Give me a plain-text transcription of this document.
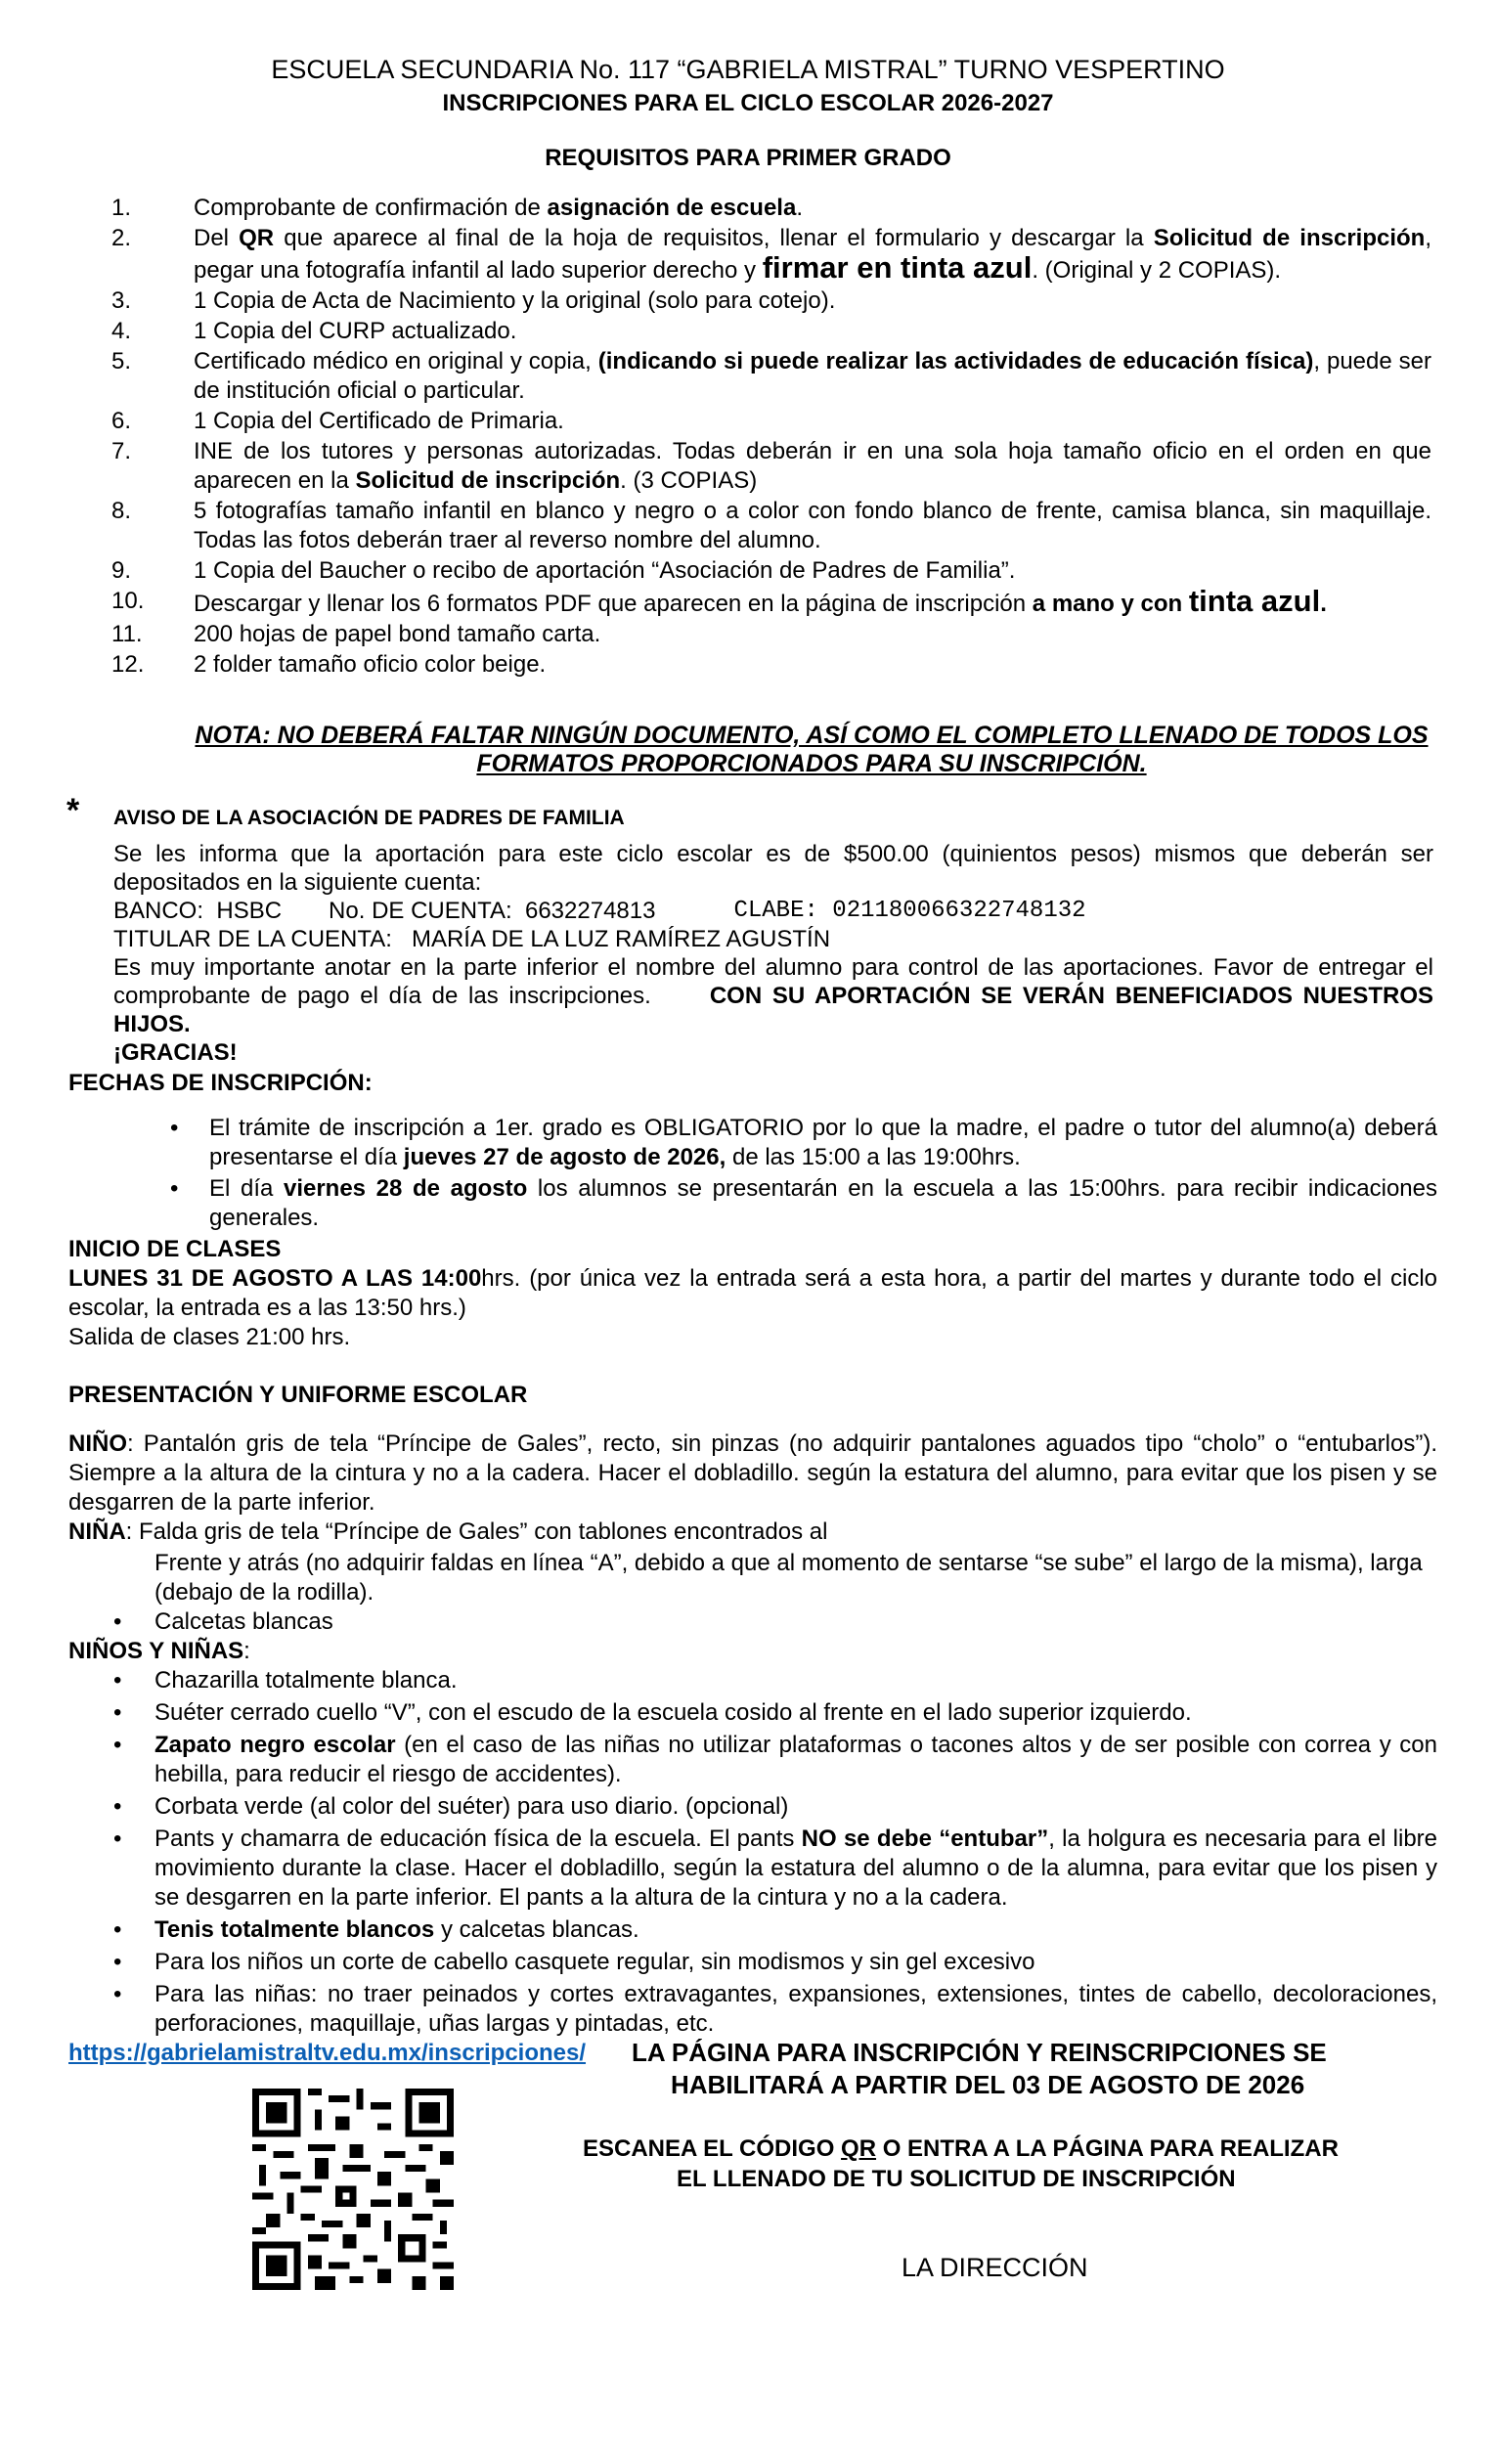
ESCUELA SECUNDARIA No. 117 “GABRIELA MISTRAL” TURNO VESPERTINO
INSCRIPCIONES PARA EL CICLO ESCOLAR 2026-2027
REQUISITOS PARA PRIMER GRADO
1.	Comprobante de confirmación de asignación de escuela.
2.	Del QR que aparece al final de la hoja de requisitos, llenar el formulario y descargar la Solicitud de inscripción, pegar una fotografía infantil al lado superior derecho y firmar en tinta azul. (Original y 2 COPIAS).
3.	1 Copia de Acta de Nacimiento y la original (solo para cotejo).
4.	1 Copia del CURP actualizado.
5.	Certificado médico en original y copia, (indicando si puede realizar las actividades de educación física), puede ser de institución oficial o particular.
6.	1 Copia del Certificado de Primaria.
7.	INE de los tutores y personas autorizadas. Todas deberán ir en una sola hoja tamaño oficio en el orden en que aparecen en la Solicitud de inscripción. (3 COPIAS)
8.	5 fotografías tamaño infantil en blanco y negro o a color con fondo blanco de frente, camisa blanca, sin maquillaje. Todas las fotos deberán traer al reverso nombre del alumno.
9.	1 Copia del Baucher o recibo de aportación “Asociación de Padres de Familia”.
10.	Descargar y llenar los 6 formatos PDF que aparecen en la página de inscripción a mano y con tinta azul.
11.	200 hojas de papel bond tamaño carta.
12.	2 folder tamaño oficio color beige.
NOTA: NO DEBERÁ FALTAR NINGÚN DOCUMENTO, ASÍ COMO EL COMPLETO LLENADO DE TODOS LOS FORMATOS PROPORCIONADOS PARA SU INSCRIPCIÓN.
* AVISO DE LA ASOCIACIÓN DE PADRES DE FAMILIA
Se les informa que la aportación para este ciclo escolar es de $500.00 (quinientos pesos) mismos que deberán ser depositados en la siguiente cuenta:
BANCO:
HSBC No. DE CUENTA:
6632274813	CLABE:
021180066322748132
TITULAR DE LA CUENTA:
MARÍA DE LA LUZ RAMÍREZ AGUSTÍN
Es muy importante anotar en la parte inferior el nombre del alumno para control de las aportaciones. Favor de entregar el comprobante de pago el día de las inscripciones.	CON SU APORTACIÓN SE VERÁN BENEFICIADOS NUESTROS HIJOS.
¡GRACIAS!
FECHAS DE INSCRIPCIÓN:
• El trámite de inscripción a 1er. grado es OBLIGATORIO por lo que la madre, el padre o tutor del alumno(a) deberá presentarse el día jueves 27 de agosto de 2026, de las 15:00 a las 19:00hrs.
• El día viernes 28 de agosto los alumnos se presentarán en la escuela a las 15:00hrs. para recibir indicaciones generales.
INICIO DE CLASES
LUNES 31 DE AGOSTO A LAS 14:00hrs. (por única vez la entrada será a esta hora, a partir del martes y durante todo el ciclo escolar, la entrada es a las 13:50 hrs.)
Salida de clases 21:00 hrs.
PRESENTACIÓN Y UNIFORME ESCOLAR
NIÑO: Pantalón gris de tela “Príncipe de Gales”, recto, sin pinzas (no adquirir pantalones aguados tipo “cholo” o “entubarlos”). Siempre a la altura de la cintura y no a la cadera. Hacer el dobladillo. según la estatura del alumno, para evitar que los pisen y se desgarren de la parte inferior.
NIÑA: Falda gris de tela “Príncipe de Gales” con tablones encontrados al
Frente y atrás (no adquirir faldas en línea “A”, debido a que al momento de sentarse “se sube” el largo de la misma), larga (debajo de la rodilla).
• Calcetas blancas
NIÑOS Y NIÑAS:
• Chazarilla totalmente blanca.
• Suéter cerrado cuello “V”, con el escudo de la escuela cosido al frente en el lado superior izquierdo.
• Zapato negro escolar (en el caso de las niñas no utilizar plataformas o tacones altos y de ser posible con correa y con hebilla, para reducir el riesgo de accidentes).
• Corbata verde (al color del suéter) para uso diario. (opcional)
• Pants y chamarra de educación física de la escuela. El pants NO se debe “entubar”, la holgura es necesaria para el libre movimiento durante la clase. Hacer el dobladillo, según la estatura del alumno o de la alumna, para evitar que los pisen y se desgarren en la parte inferior. El pants a la altura de la cintura y no a la cadera.
• Tenis totalmente blancos y calcetas blancas.
• Para los niños un corte de cabello casquete regular, sin modismos y sin gel excesivo
• Para las niñas: no traer peinados y cortes extravagantes, expansiones, extensiones, tintes de cabello, decoloraciones, perforaciones, maquillaje, uñas largas y pintadas, etc.
https://gabrielamistraltv.edu.mx/inscripciones/ LA PÁGINA PARA INSCRIPCIÓN Y REINSCRIPCIONES SE
HABILITARÁ A PARTIR DEL 03 DE AGOSTO DE 2026
ESCANEA EL CÓDIGO QR O ENTRA A LA PÁGINA PARA REALIZAR
EL LLENADO DE TU SOLICITUD DE INSCRIPCIÓN
LA DIRECCIÓN
